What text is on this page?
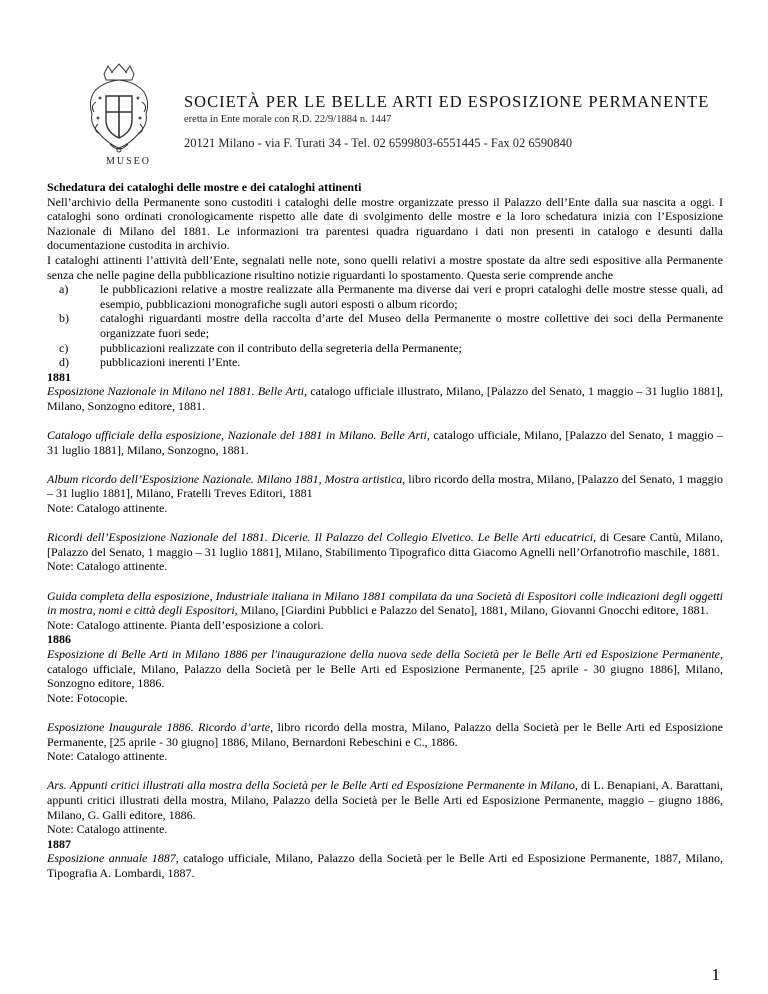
MUSEO
SOCIETÀ PER LE BELLE ARTI ED ESPOSIZIONE PERMANENTE
eretta in Ente morale con R.D. 22/9/1884 n. 1447
20121 Milano - via F. Turati 34 - Tel. 02 6599803-6551445 - Fax 02 6590840

Schedatura dei cataloghi delle mostre e dei cataloghi attinenti

Nell’archivio della Permanente sono custoditi i cataloghi delle mostre organizzate presso il Palazzo dell’Ente dalla sua nascita a oggi. I cataloghi sono ordinati cronologicamente rispetto alle date di svolgimento delle mostre e la loro schedatura inizia con l’Esposizione Nazionale di Milano del 1881. Le informazioni tra parentesi quadra riguardano i dati non presenti in catalogo e desunti dalla documentazione custodita in archivio.

I cataloghi attinenti l’attività dell’Ente, segnalati nelle note, sono quelli relativi a mostre spostate da altre sedi espositive alla Permanente senza che nelle pagine della pubblicazione risultino notizie riguardanti lo spostamento. Questa serie comprende anche

a)	le pubblicazioni relative a mostre realizzate alla Permanente ma diverse dai veri e propri cataloghi delle mostre stesse quali, ad esempio, pubblicazioni monografiche sugli autori esposti o album ricordo;
b)	cataloghi riguardanti mostre della raccolta d’arte del Museo della Permanente o mostre collettive dei soci della Permanente organizzate fuori sede;
c)	pubblicazioni realizzate con il contributo della segreteria della Permanente;
d)	pubblicazioni inerenti l’Ente.

1881

Esposizione Nazionale in Milano nel 1881. Belle Arti, catalogo ufficiale illustrato, Milano, [Palazzo del Senato, 1 maggio – 31 luglio 1881], Milano, Sonzogno editore, 1881.

Catalogo ufficiale della esposizione, Nazionale del 1881 in Milano. Belle Arti, catalogo ufficiale, Milano, [Palazzo del Senato, 1 maggio – 31 luglio 1881], Milano, Sonzogno, 1881.

Album ricordo dell’Esposizione Nazionale. Milano 1881, Mostra artistica, libro ricordo della mostra, Milano, [Palazzo del Senato, 1 maggio – 31 luglio 1881], Milano, Fratelli Treves Editori, 1881

Note: Catalogo attinente.

Ricordi dell’Esposizione Nazionale del 1881. Dicerie. Il Palazzo del Collegio Elvetico. Le Belle Arti educatrici, di Cesare Cantù, Milano, [Palazzo del Senato, 1 maggio – 31 luglio 1881], Milano, Stabilimento Tipografico ditta Giacomo Agnelli nell’Orfanotrofio maschile, 1881.

Note: Catalogo attinente.

Guida completa della esposizione, Industriale italiana in Milano 1881 compilata da una Società di Espositori colle indicazioni degli oggetti in mostra, nomi e città degli Espositori, Milano, [Giardini Pubblici e Palazzo del Senato], 1881, Milano, Giovanni Gnocchi editore, 1881.

Note: Catalogo attinente. Pianta dell’esposizione a colori.

1886

Esposizione di Belle Arti in Milano 1886 per l'inaugurazione della nuova sede della Società per le Belle Arti ed Esposizione Permanente, catalogo ufficiale, Milano, Palazzo della Società per le Belle Arti ed Esposizione Permanente, [25 aprile - 30 giugno 1886], Milano, Sonzogno editore, 1886.

Note: Fotocopie.

Esposizione Inaugurale 1886. Ricordo d’arte, libro ricordo della mostra, Milano, Palazzo della Società per le Belle Arti ed Esposizione Permanente, [25 aprile - 30 giugno] 1886, Milano, Bernardoni Rebeschini e C., 1886.

Note: Catalogo attinente.

Ars. Appunti critici illustrati alla mostra della Società per le Belle Arti ed Esposizione Permanente in Milano, di L. Benapiani, A. Barattani, appunti critici illustrati della mostra, Milano, Palazzo della Società per le Belle Arti ed Esposizione Permanente, maggio – giugno 1886, Milano, G. Galli editore, 1886.

Note: Catalogo attinente.

1887

Esposizione annuale 1887, catalogo ufficiale, Milano, Palazzo della Società per le Belle Arti ed Esposizione Permanente, 1887, Milano, Tipografia A. Lombardi, 1887.

1
